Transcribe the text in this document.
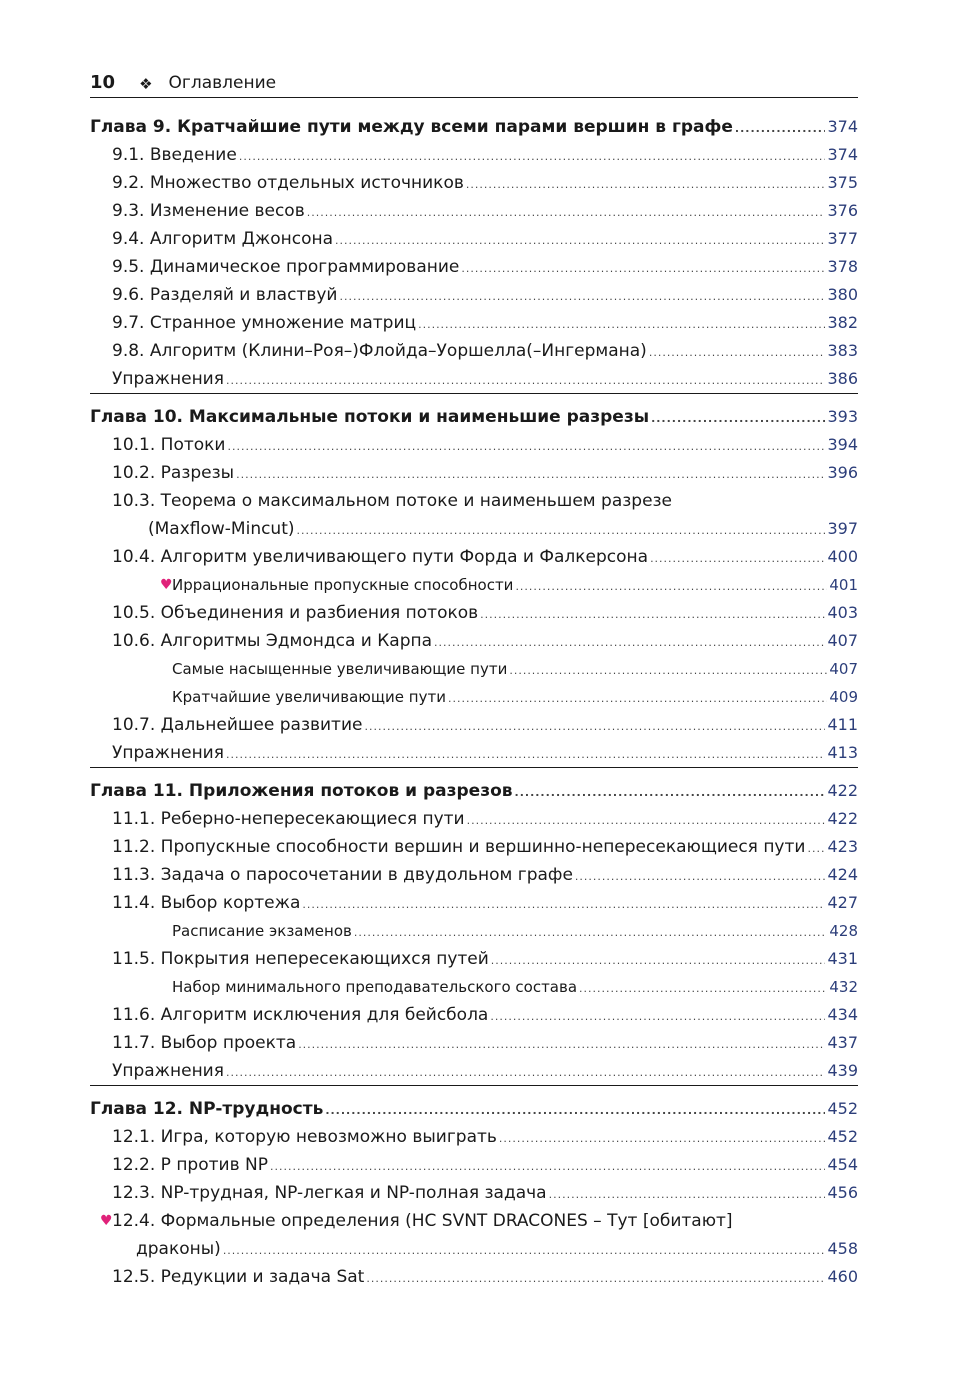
10 ❖ Оглавление
Глава 9. Кратчайшие пути между всеми парами вершин в графе .....	374
9.1. Введение .....	374
9.2. Множество отдельных источников .....	375
9.3. Изменение весов .....	376
9.4. Алгоритм Джонсона .....	377
9.5. Динамическое программирование .....	378
9.6. Разделяй и властвуй .....	380
9.7. Странное умножение матриц .....	382
9.8. Алгоритм (Клини–Роя–)Флойда–Уоршелла(–Ингермана) .....	383
Упражнения .....	386
Глава 10. Максимальные потоки и наименьшие разрезы .....	393
10.1. Потоки .....	394
10.2. Разрезы .....	396
10.3. Теорема о максимальном потоке и наименьшем разрезе
(Maxflow-Mincut) .....	397
10.4. Алгоритм увеличивающего пути Форда и Фалкерсона .....	400
♥ Иррациональные пропускные способности .....	401
10.5. Объединения и разбиения потоков .....	403
10.6. Алгоритмы Эдмондса и Карпа .....	407
Самые насыщенные увеличивающие пути .....	407
Кратчайшие увеличивающие пути .....	409
10.7. Дальнейшее развитие .....	411
Упражнения .....	413
Глава 11. Приложения потоков и разрезов .....	422
11.1. Реберно-непересекающиеся пути .....	422
11.2. Пропускные способности вершин и вершинно-непересекающиеся пути ..... 423
11.3. Задача о паросочетании в двудольном графе .....	424
11.4. Выбор кортежа .....	427
Расписание экзаменов .....	428
11.5. Покрытия непересекающихся путей .....	431
Набор минимального преподавательского состава .....	432
11.6. Алгоритм исключения для бейсбола .....	434
11.7. Выбор проекта .....	437
Упражнения .....	439
Глава 12. NP-трудность .....	452
12.1. Игра, которую невозможно выиграть .....	452
12.2. P против NP .....	454
12.3. NP-трудная, NP-легкая и NP-полная задача .....	456
♥ 12.4. Формальные определения (HC SVNT DRACONES – Тут [обитают]
драконы) .....	458
12.5. Редукции и задача Sat .....	460
